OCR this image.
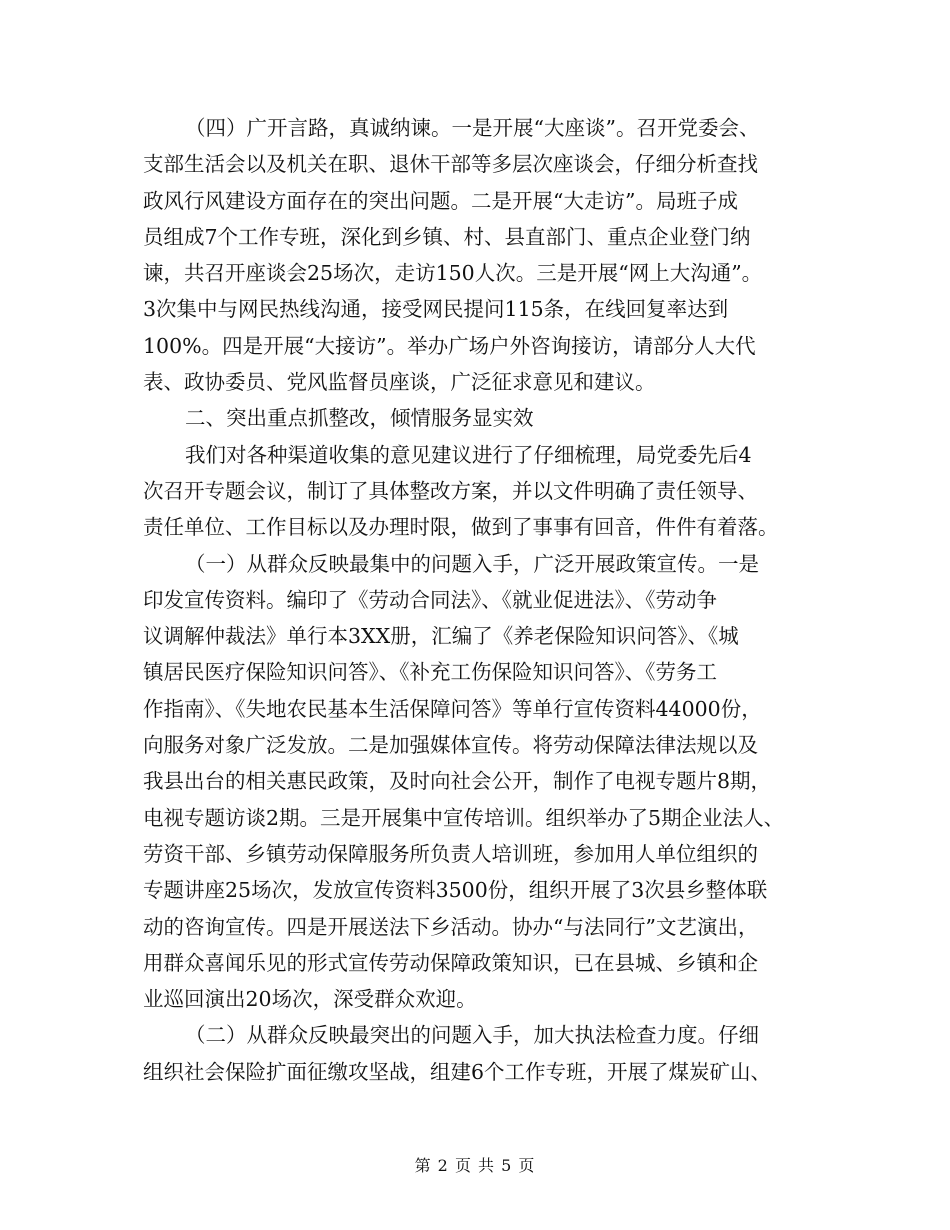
（四）广开言路，真诚纳谏。一是开展“大座谈”。召开党委会、
支部生活会以及机关在职、退休干部等多层次座谈会，仔细分析查找
政风行风建设方面存在的突出问题。二是开展“大走访”。局班子成
员组成7个工作专班，深化到乡镇、村、县直部门、重点企业登门纳
谏，共召开座谈会25场次，走访150人次。三是开展“网上大沟通”。
3次集中与网民热线沟通，接受网民提问115条，在线回复率达到
100%。四是开展“大接访”。举办广场户外咨询接访，请部分人大代
表、政协委员、党风监督员座谈，广泛征求意见和建议。
二、突出重点抓整改，倾情服务显实效
我们对各种渠道收集的意见建议进行了仔细梳理，局党委先后4
次召开专题会议，制订了具体整改方案，并以文件明确了责任领导、
责任单位、工作目标以及办理时限，做到了事事有回音，件件有着落。
（一）从群众反映最集中的问题入手，广泛开展政策宣传。一是
印发宣传资料。编印了《劳动合同法》、《就业促进法》、《劳动争
议调解仲裁法》单行本3XX册，汇编了《养老保险知识问答》、《城
镇居民医疗保险知识问答》、《补充工伤保险知识问答》、《劳务工
作指南》、《失地农民基本生活保障问答》等单行宣传资料44000份，
向服务对象广泛发放。二是加强媒体宣传。将劳动保障法律法规以及
我县出台的相关惠民政策，及时向社会公开，制作了电视专题片8期，
电视专题访谈2期。三是开展集中宣传培训。组织举办了5期企业法人、
劳资干部、乡镇劳动保障服务所负责人培训班，参加用人单位组织的
专题讲座25场次，发放宣传资料3500份，组织开展了3次县乡整体联
动的咨询宣传。四是开展送法下乡活动。协办“与法同行”文艺演出，
用群众喜闻乐见的形式宣传劳动保障政策知识，已在县城、乡镇和企
业巡回演出20场次，深受群众欢迎。
（二）从群众反映最突出的问题入手，加大执法检查力度。仔细
组织社会保险扩面征缴攻坚战，组建6个工作专班，开展了煤炭矿山、
第 2 页 共 5 页
